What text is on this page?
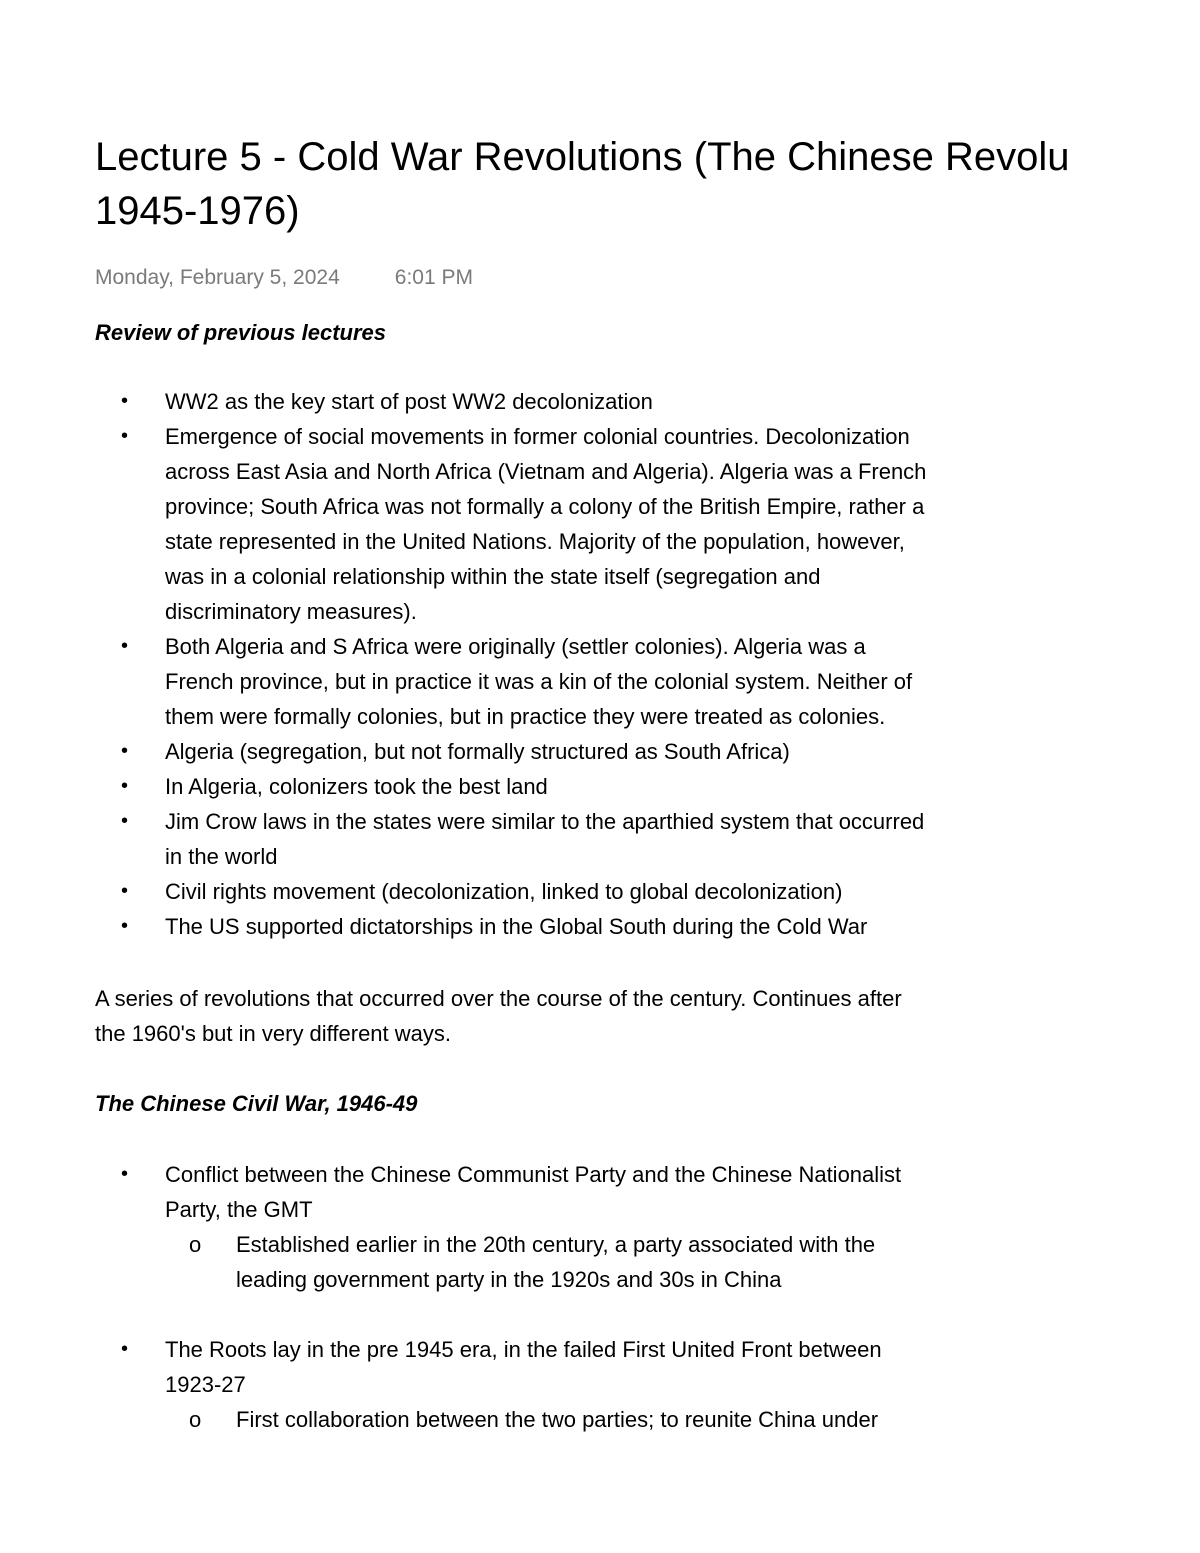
Lecture 5 - Cold War Revolutions (The Chinese Revolu
1945-1976)
Monday, February 5, 2024	6:01 PM
Review of previous lectures
•	WW2 as the key start of post WW2 decolonization
•	Emergence of social movements in former colonial countries. Decolonization
across East Asia and North Africa (Vietnam and Algeria). Algeria was a French
province; South Africa was not formally a colony of the British Empire, rather a
state represented in the United Nations. Majority of the population, however,
was in a colonial relationship within the state itself (segregation and
discriminatory measures).
•	Both Algeria and S Africa were originally (settler colonies). Algeria was a
French province, but in practice it was a kin of the colonial system. Neither of
them were formally colonies, but in practice they were treated as colonies.
•	Algeria (segregation, but not formally structured as South Africa)
•	In Algeria, colonizers took the best land
•	Jim Crow laws in the states were similar to the aparthied system that occurred
in the world
•	Civil rights movement (decolonization, linked to global decolonization)
•	The US supported dictatorships in the Global South during the Cold War

A series of revolutions that occurred over the course of the century. Continues after
the 1960's but in very different ways.

The Chinese Civil War, 1946-49
•	Conflict between the Chinese Communist Party and the Chinese Nationalist
Party, the GMT
o	Established earlier in the 20th century, a party associated with the
leading government party in the 1920s and 30s in China
•	The Roots lay in the pre 1945 era, in the failed First United Front between
1923-27
o	First collaboration between the two parties; to reunite China under
